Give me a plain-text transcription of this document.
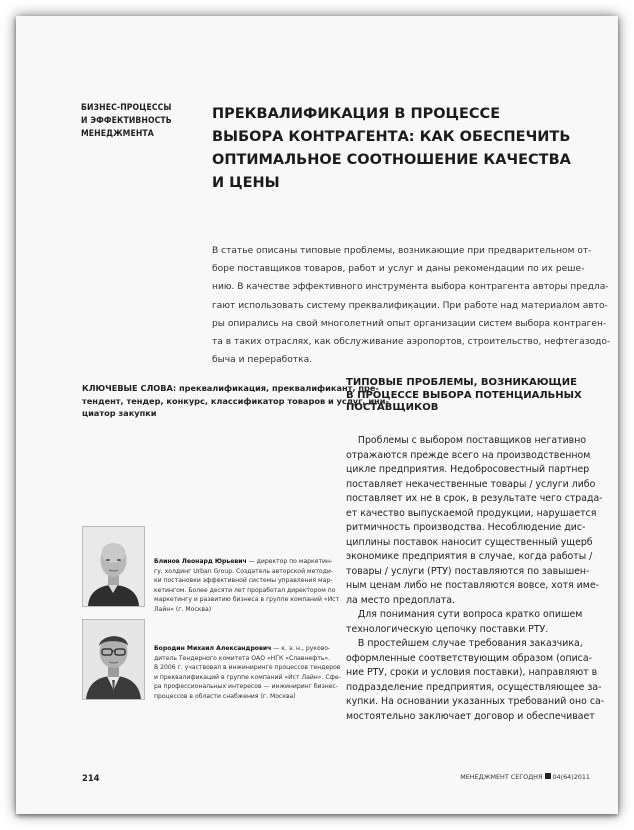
БИЗНЕС-ПРОЦЕССЫ
И ЭФФЕКТИВНОСТЬ
МЕНЕДЖМЕНТА
ПРЕКВАЛИФИКАЦИЯ В ПРОЦЕССЕ
ВЫБОРА КОНТРАГЕНТА: КАК ОБЕСПЕЧИТЬ
ОПТИМАЛЬНОЕ СООТНОШЕНИЕ КАЧЕСТВА
И ЦЕНЫ
В статье описаны типовые проблемы, возникающие при предварительном от-
боре поставщиков товаров, работ и услуг и даны рекомендации по их реше-
нию. В качестве эффективного инструмента выбора контрагента авторы предла-
гают использовать систему преквалификации. При работе над материалом авто-
ры опирались на свой многолетний опыт организации систем выбора контраген-
та в таких отраслях, как обслуживание аэропортов, строительство, нефтегазодо-
быча и переработка.
КЛЮЧЕВЫЕ СЛОВА: преквалификация, преквалификант, пре-
тендент, тендер, конкурс, классификатор товаров и услуг, ини-
циатор закупки
ТИПОВЫЕ ПРОБЛЕМЫ, ВОЗНИКАЮЩИЕ
В ПРОЦЕССЕ ВЫБОРА ПОТЕНЦИАЛЬНЫХ
ПОСТАВЩИКОВ
Проблемы с выбором поставщиков негативно
отражаются прежде всего на производственном
цикле предприятия. Недобросовестный партнер
поставляет некачественные товары / услуги либо
поставляет их не в срок, в результате чего страда-
ет качество выпускаемой продукции, нарушается
ритмичность производства. Несоблюдение дис-
циплины поставок наносит существенный ущерб
экономике предприятия в случае, когда работы /
товары / услуги (РТУ) поставляются по завышен-
ным ценам либо не поставляются вовсе, хотя име-
ла место предоплата.
Для понимания сути вопроса кратко опишем
технологическую цепочку поставки РТУ.
В простейшем случае требования заказчика,
оформленные соответствующим образом (описа-
ние РТУ, сроки и условия поставки), направляют в
подразделение предприятия, осуществляющее за-
купки. На основании указанных требований оно са-
мостоятельно заключает договор и обеспечивает
Блинов Леонард Юрьевич — директор по маркетин-
гу, холдинг Urban Group. Создатель авторской методи-
ки постановки эффективной системы управления мар-
кетингом. Более десяти лет проработал директором по
маркетингу и развитию бизнеса в группе компаний «Ист
Лайн» (г. Москва)
Бородин Михаил Александрович — к. э. н., руково-
дитель Тендерного комитета ОАО «НГК «Славнефть».
В 2006 г. участвовал в инжиниринге процессов тендеров
и преквалификаций в группе компаний «Ист Лайн». Сфе-
ра профессиональных интересов — инжиниринг бизнес-
процессов в области снабжения (г. Москва)
214	МЕНЕДЖМЕНТ СЕГОДНЯ 04(64)2011
